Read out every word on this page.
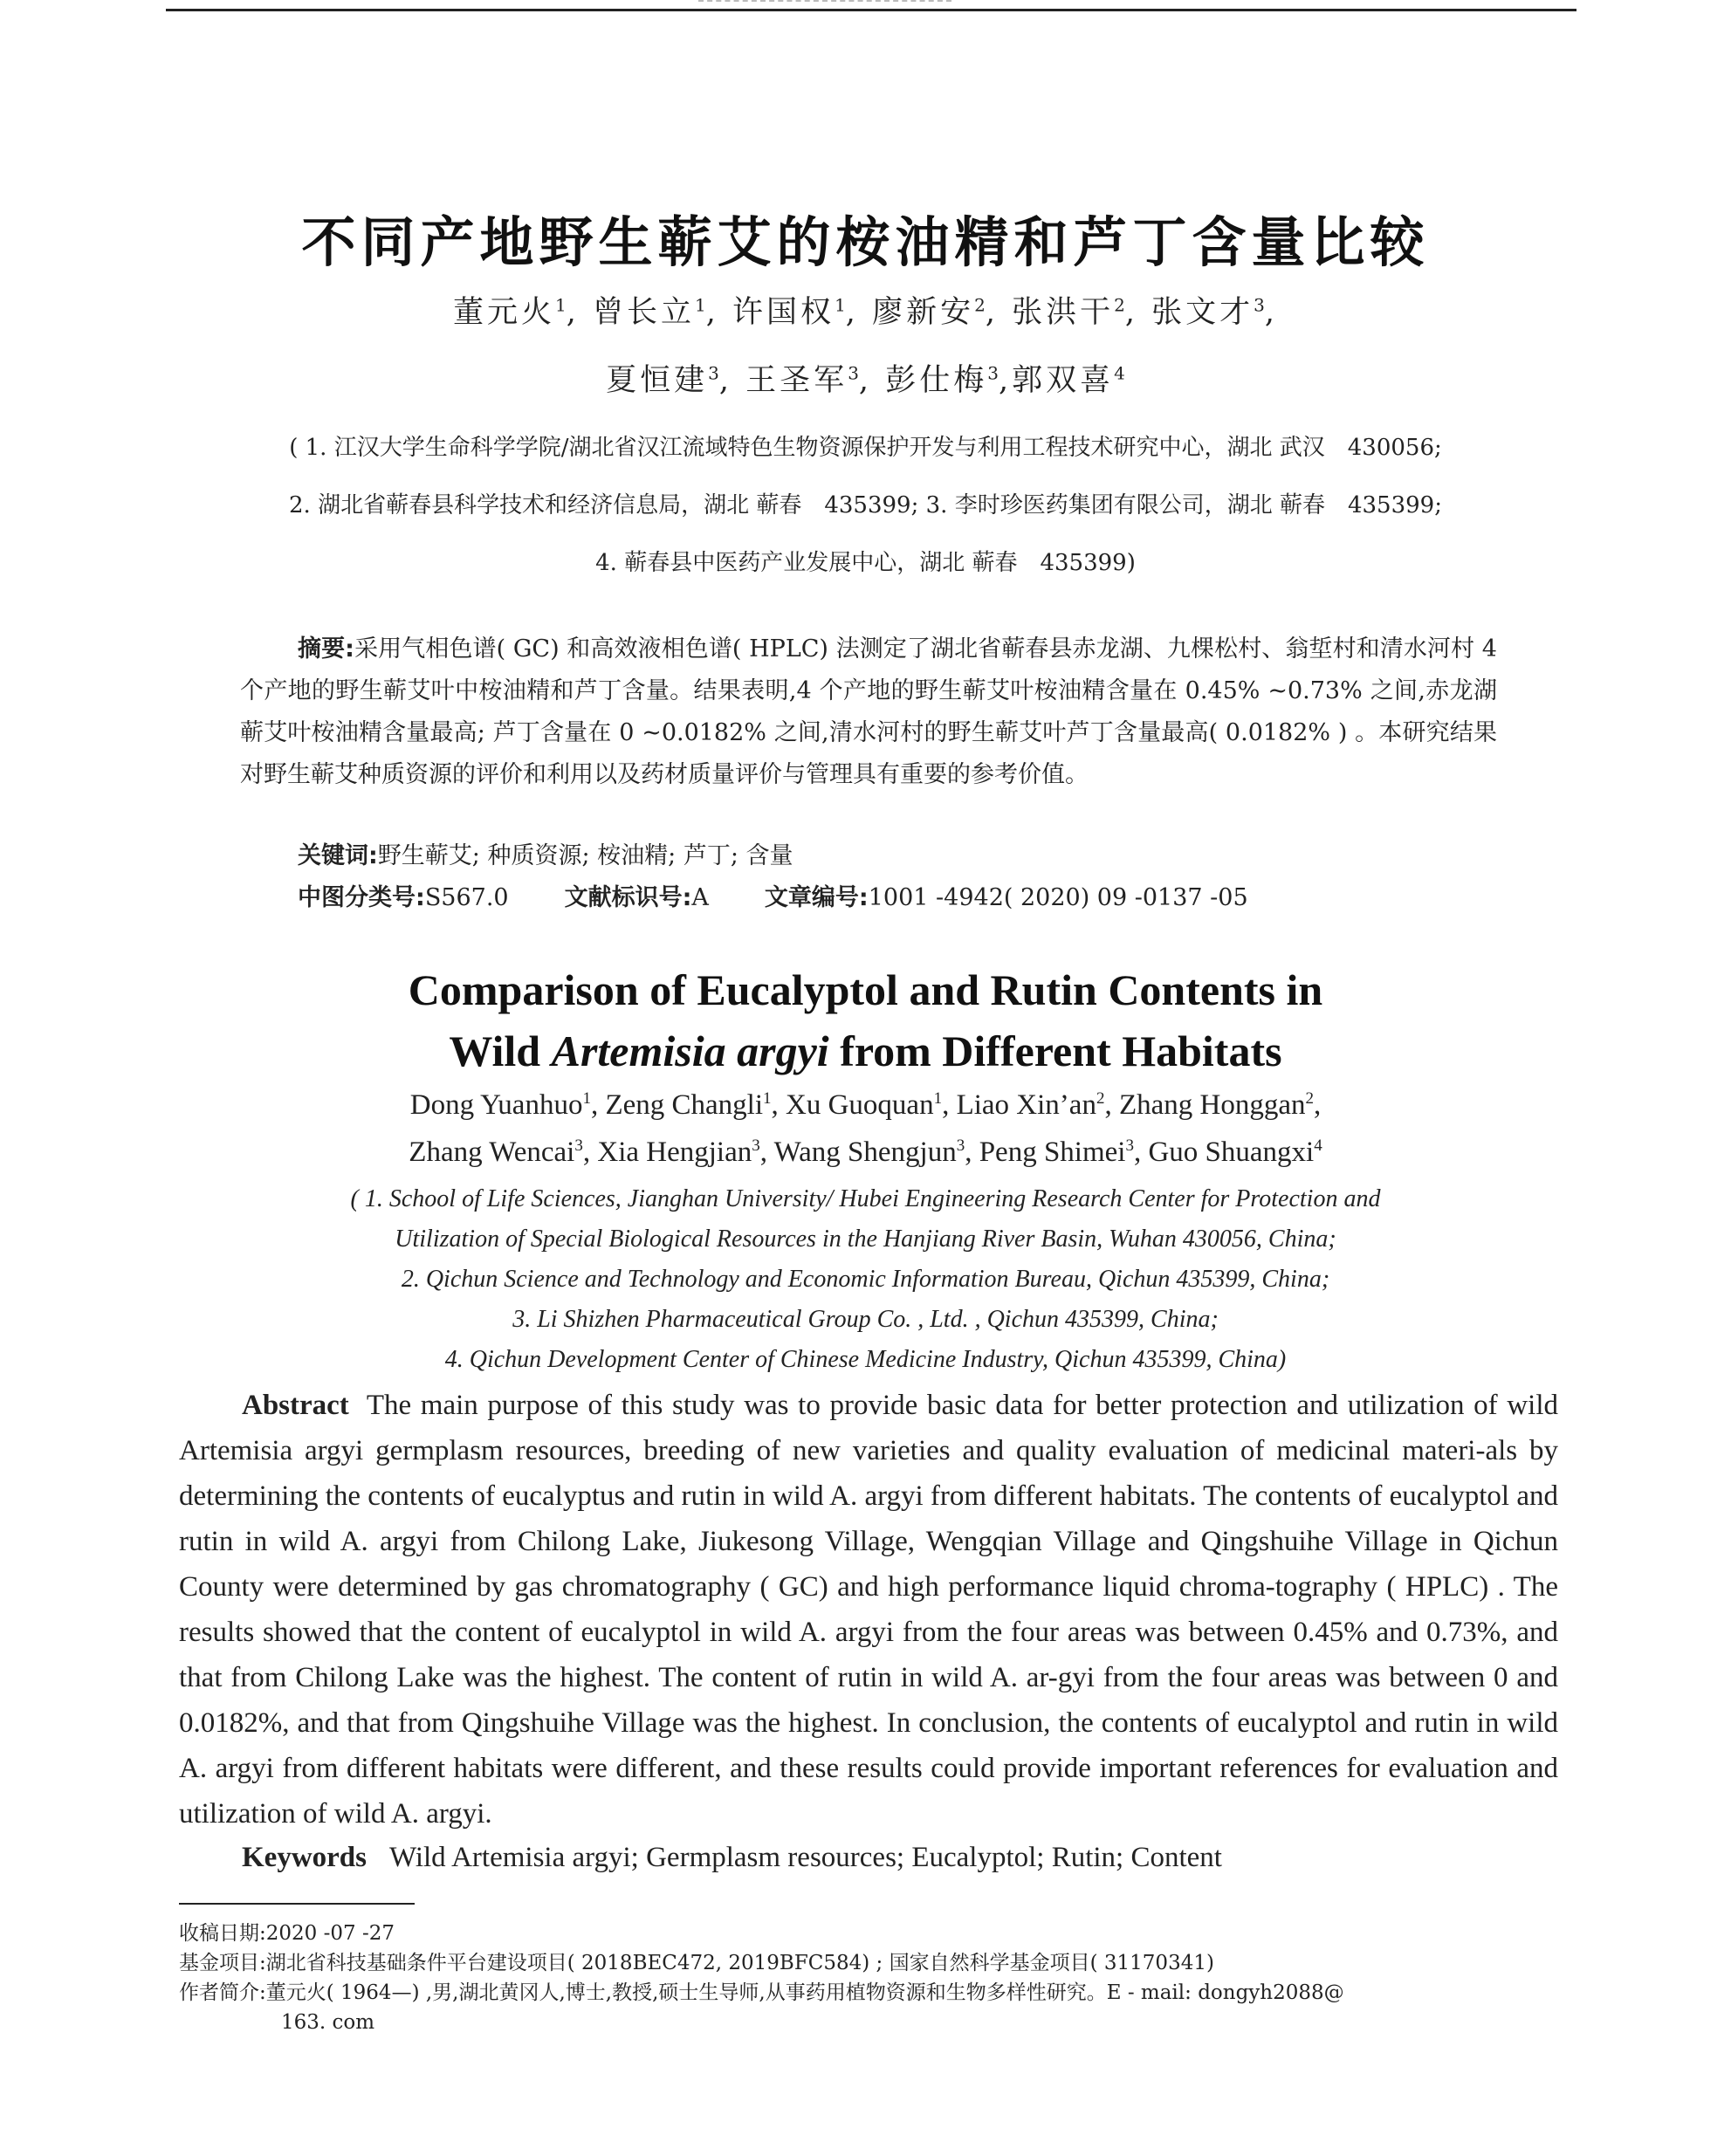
不同产地野生蕲艾的桉油精和芦丁含量比较
董元火$^1$, 曾长立$^1$, 许国权$^1$, 廖新安$^2$, 张洪干$^2$, 张文才$^3$,
夏恒建$^3$, 王圣军$^3$, 彭仕梅$^3$,郭双喜$^4$
( 1. 江汉大学生命科学学院/湖北省汉江流域特色生物资源保护开发与利用工程技术研究中心，湖北 武汉　430056;
2. 湖北省蕲春县科学技术和经济信息局，湖北 蕲春　435399; 3. 李时珍医药集团有限公司，湖北 蕲春　435399;
4. 蕲春县中医药产业发展中心，湖北 蕲春　435399)

摘要:采用气相色谱( GC) 和高效液相色谱( HPLC) 法测定了湖北省蕲春县赤龙湖、九棵松村、翁埑村和清水河村 4 个产地的野生蕲艾叶中桉油精和芦丁含量。结果表明,4 个产地的野生蕲艾叶桉油精含量在 0.45% ~0.73% 之间,赤龙湖蕲艾叶桉油精含量最高; 芦丁含量在 0 ~0.0182% 之间,清水河村的野生蕲艾叶芦丁含量最高( 0.0182% ) 。本研究结果对野生蕲艾种质资源的评价和利用以及药材质量评价与管理具有重要的参考价值。

关键词:野生蕲艾; 种质资源; 桉油精; 芦丁; 含量
中图分类号:S567.0 文献标识号:A 文章编号:1001 -4942( 2020) 09 -0137 -05
Comparison of Eucalyptol and Rutin Contents in
Wild Artemisia argyi from Different Habitats
Dong Yuanhuo$^1$, Zeng Changli$^1$, Xu Guoquan$^1$, Liao $Xin’an^2$, Zhang Honggan$^2$,
Zhang Wencai$^3$, Xia Hengjian$^3$, Wang Shengjun$^3$, Peng Shimei$^3$, Guo Shuangxi$^4$
( 1. School of Life Sciences, Jianghan University/ Hubei Engineering Research Center for Protection and
Utilization of Special Biological Resources in the Hanjiang River Basin, Wuhan 430056, China;
2. Qichun Science and Technology and Economic Information Bureau, Qichun 435399, China;
3. Li Shizhen Pharmaceutical Group Co. , Ltd. , Qichun 435399, China;
4. Qichun Development Center of Chinese Medicine Industry, Qichun 435399, China)

Abstract The main purpose of this study was to provide basic data for better protection and utilization of wild Artemisia argyi germplasm resources, breeding of new varieties and quality evaluation of medicinal materi-als by determining the contents of eucalyptus and rutin in wild A. argyi from different habitats. The contents of eucalyptol and rutin in wild A. argyi from Chilong Lake, Jiukesong Village, Wengqian Village and Qingshuihe Village in Qichun County were determined by gas chromatography ( GC) and high performance liquid chroma-tography ( HPLC) . The results showed that the content of eucalyptol in wild A. argyi from the four areas was between 0.45% and 0.73%, and that from Chilong Lake was the highest. The content of rutin in wild A. ar-gyi from the four areas was between 0 and 0.0182%, and that from Qingshuihe Village was the highest. In conclusion, the contents of eucalyptol and rutin in wild A. argyi from different habitats were different, and these results could provide important references for evaluation and utilization of wild A. argyi.

Keywords Wild Artemisia argyi; Germplasm resources; Eucalyptol; Rutin; Content
收稿日期:2020 -07 -27
基金项目:湖北省科技基础条件平台建设项目( 2018BEC472, 2019BFC584) ; 国家自然科学基金项目( 31170341)
作者简介:董元火( 1964—) ,男,湖北黄冈人,博士,教授,硕士生导师,从事药用植物资源和生物多样性研究。E - mail: dongyh2088@
163. com
